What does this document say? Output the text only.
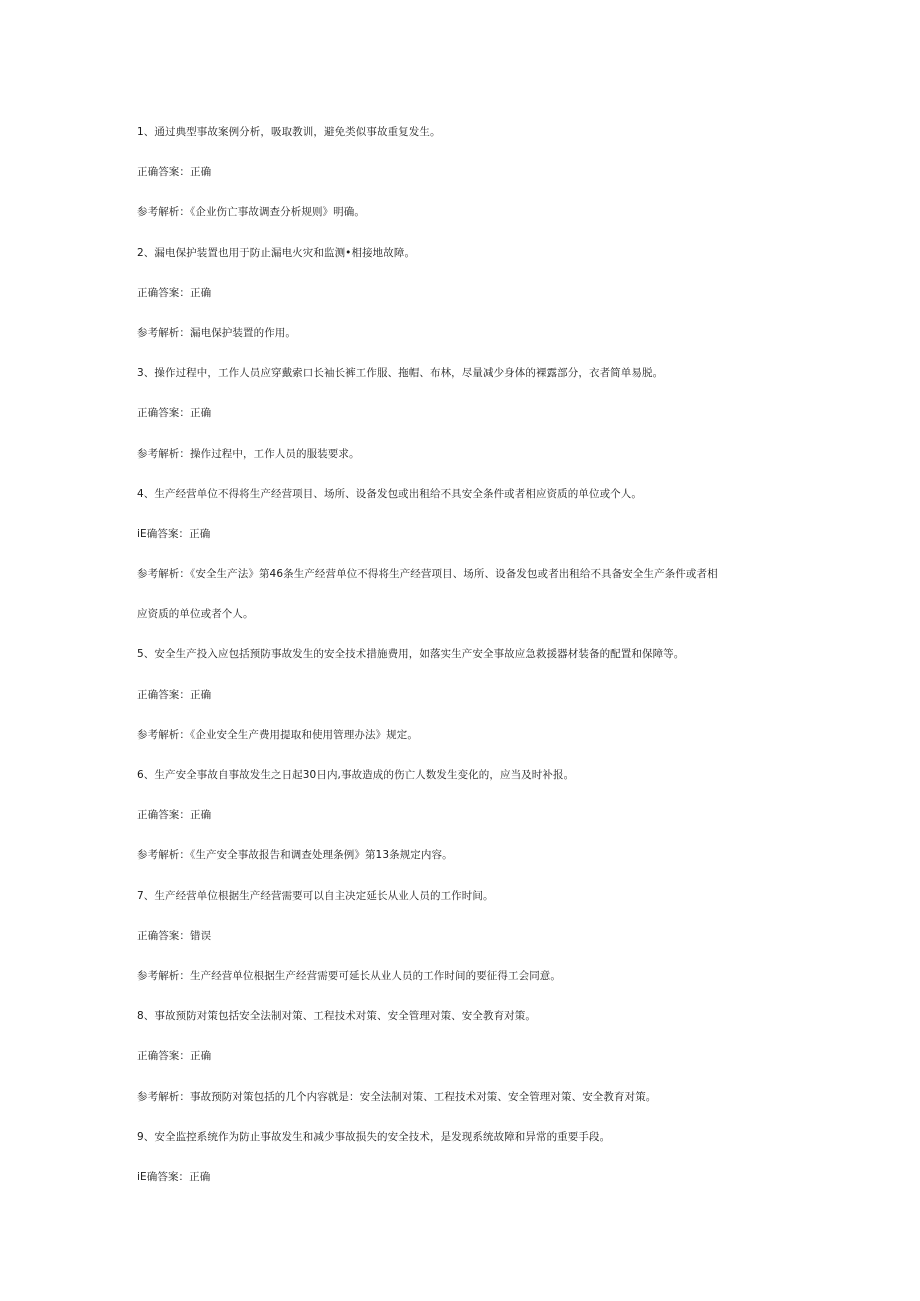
1、通过典型事故案例分析，吸取教训，避免类似事故重复发生。
正确答案：正确
参考解析：《企业伤亡事故调查分析规则》明确。
2、漏电保护装置也用于防止漏电火灾和监测•相接地故障。
正确答案：正确
参考解析：漏电保护装置的作用。
3、操作过程中，工作人员应穿戴索口长袖长裤工作服、拖帽、布林，尽量减少身体的裸露部分，衣者简单易脱。
正确答案：正确
参考解析：操作过程中，工作人员的服装要求。
4、生产经营单位不得将生产经营项目、场所、设备发包或出租给不具安全条件或者相应资质的单位或个人。
iE确答案：正确
参考解析：《安全生产法》第46条生产经营单位不得将生产经营项目、场所、设备发包或者出租给不具备安全生产条件或者相
应资质的单位或者个人。
5、安全生产投入应包括预防事故发生的安全技术措施费用，如落实生产安全事故应急救援器材装备的配置和保障等。
正确答案：正确
参考解析：《企业安全生产费用提取和使用管理办法》规定。
6、生产安全事故自事故发生之日起30日内,事故造成的伤亡人数发生变化的，应当及时补报。
正确答案：正确
参考解析：《生产安全事故报告和调查处理条例》第13条规定内容。
7、生产经营单位根据生产经营需要可以自主决定延长从业人员的工作时间。
正确答案：错误
参考解析：生产经营单位根据生产经营需要可延长从业人员的工作时间的要征得工会同意。
8、事故预防对策包括安全法制对策、工程技术对策、安全管理对策、安全教育对策。
正确答案：正确
参考解析：事故预防对策包括的几个内容就是：安全法制对策、工程技术对策、安全管理对策、安全教育对策。
9、安全监控系统作为防止事故发生和减少事故损失的安全技术，是发现系统故障和异常的重要手段。
iE确答案：正确
